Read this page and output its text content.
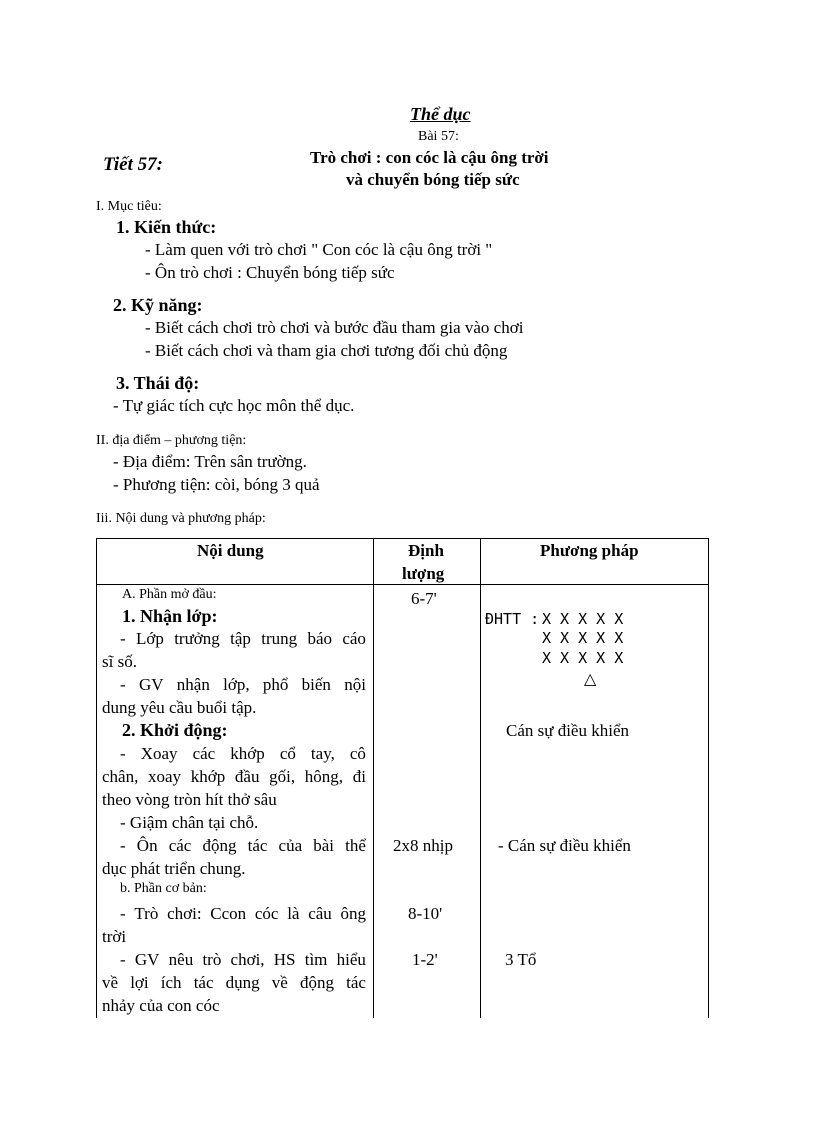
Thể dục
Bài 57:
Tiết 57:	Trò chơi : con cóc là cậu ông trời
và chuyển bóng tiếp sức
I. Mục tiêu:
1. Kiến thức:
- Làm quen với trò chơi " Con cóc là cậu ông trời "
- Ôn trò chơi : Chuyển bóng tiếp sức
2. Kỹ năng:
- Biết cách chơi trò chơi và bước đầu tham gia vào chơi
- Biết cách chơi và tham gia chơi tương đối chủ động
3. Thái độ:
- Tự giác tích cực học môn thể dục.
II. địa điểm – phương tiện:
- Địa điểm: Trên sân trường.
- Phương tiện: còi, bóng 3 quả
Iii. Nội dung và phương pháp:
Nội dung	Định
lượng
Phương pháp
A. Phần mở đầu:
1. Nhận lớp:
- Lớp trưởng tập trung báo cáo
sĩ số.
- GV nhận lớp, phổ biến nội
dung yêu cầu buổi tập.
2. Khởi động:
- Xoay các khớp cổ tay, cô
chân, xoay khớp đầu gối, hông, đi
theo vòng tròn hít thở sâu
- Giậm chân tại chỗ.
- Ôn các động tác của bài thể
dục phát triển chung.
b. Phần cơ bản:
- Trò chơi: Ccon cóc là câu ông
trời
- GV nêu trò chơi, HS tìm hiểu
về lợi ích tác dụng về động tác
nhảy của con cóc
6-7'
2x8 nhịp
8-10'
1-2'
ĐHTT : X X X X X
X X X X X
X X X X X
△
Cán sự điều khiển
- Cán sự điều khiển
3 Tổ
